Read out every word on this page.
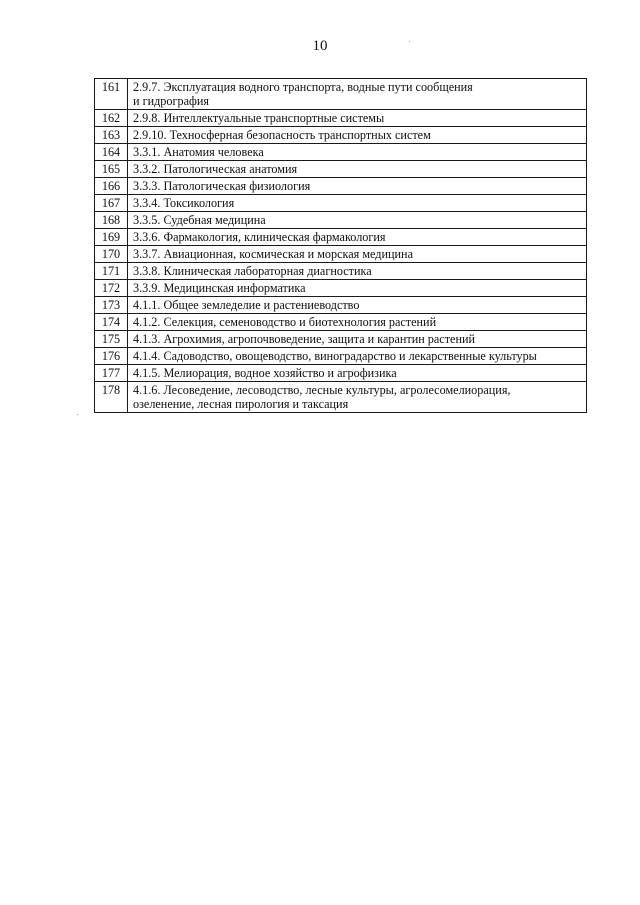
10
161	2.9.7. Эксплуатация водного транспорта, водные пути сообщения
и гидрография

162	2.9.8. Интеллектуальные транспортные системы

163	2.9.10. Техносферная безопасность транспортных систем

164	3.3.1. Анатомия человека

165	3.3.2. Патологическая анатомия

166	3.3.3. Патологическая физиология

167	3.3.4. Токсикология

168	3.3.5. Судебная медицина

169	3.3.6. Фармакология, клиническая фармакология

170	3.3.7. Авиационная, космическая и морская медицина

171	3.3.8. Клиническая лабораторная диагностика

172	3.3.9. Медицинская информатика

173	4.1.1. Общее земледелие и растениеводство

174	4.1.2. Селекция, семеноводство и биотехнология растений

175	4.1.3. Агрохимия, агропочвоведение, защита и карантин растений

176	4.1.4. Садоводство, овощеводство, виноградарство и лекарственные культуры

177	4.1.5. Мелиорация, водное хозяйство и агрофизика

178	4.1.6. Лесоведение, лесоводство, лесные культуры, агролесомелиорация,
озеленение, лесная пирология и таксация
